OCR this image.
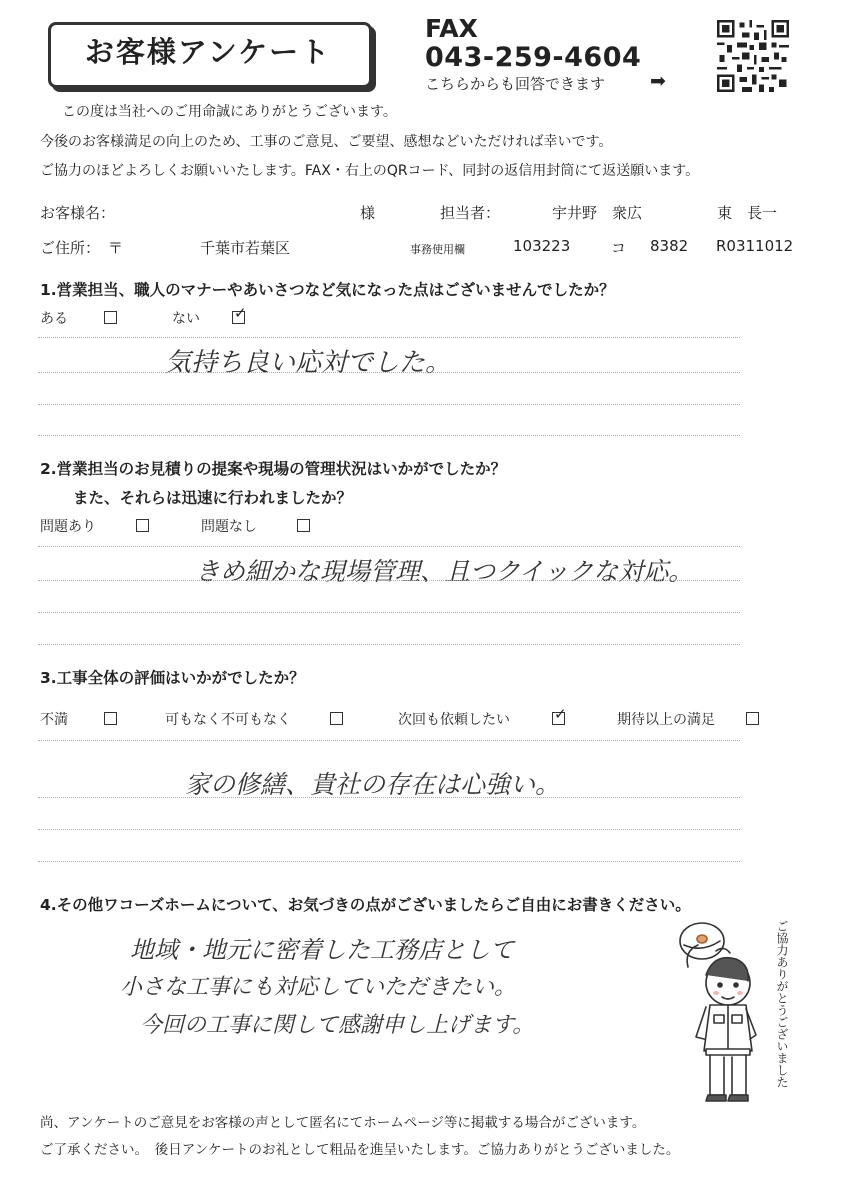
お客様アンケート
FAX
043-259-4604
こちらからも回答できます ➡
この度は当社へのご用命誠にありがとうございます。
今後のお客様満足の向上のため、工事のご意見、ご要望、感想などいただければ幸いです。
ご協力のほどよろしくお願いいたします。FAX・右上のQRコード、同封の返信用封筒にて返送願います。
お客様名：	様	担当者：	宇井野　衆広	東　長一
ご住所： 〒	千葉市若葉区	事務使用欄	103223	コ 8382 R0311012
1.営業担当、職人のマナーやあいさつなど気になった点はございませんでしたか？
ある	ない ✓
気持ち良い応対でした。
2.営業担当のお見積りの提案や現場の管理状況はいかがでしたか？
また、それらは迅速に行われましたか？
問題あり	問題なし
きめ細かな現場管理、且つクイックな対応。
3.工事全体の評価はいかがでしたか？
不満	可もなく不可もなく	次回も依頼したい	✓	期待以上の満足
家の修繕、貴社の存在は心強い。
4.その他ワコーズホームについて、お気づきの点がございましたらご自由にお書きください。
地域・地元に密着した工務店として
小さな工事にも対応していただきたい。
今回の工事に関して感謝申し上げます。	ご協力ありがとうございました
尚、アンケートのご意見をお客様の声として匿名にてホームページ等に掲載する場合がございます。
ご了承ください。　後日アンケートのお礼として粗品を進呈いたします。ご協力ありがとうございました。
